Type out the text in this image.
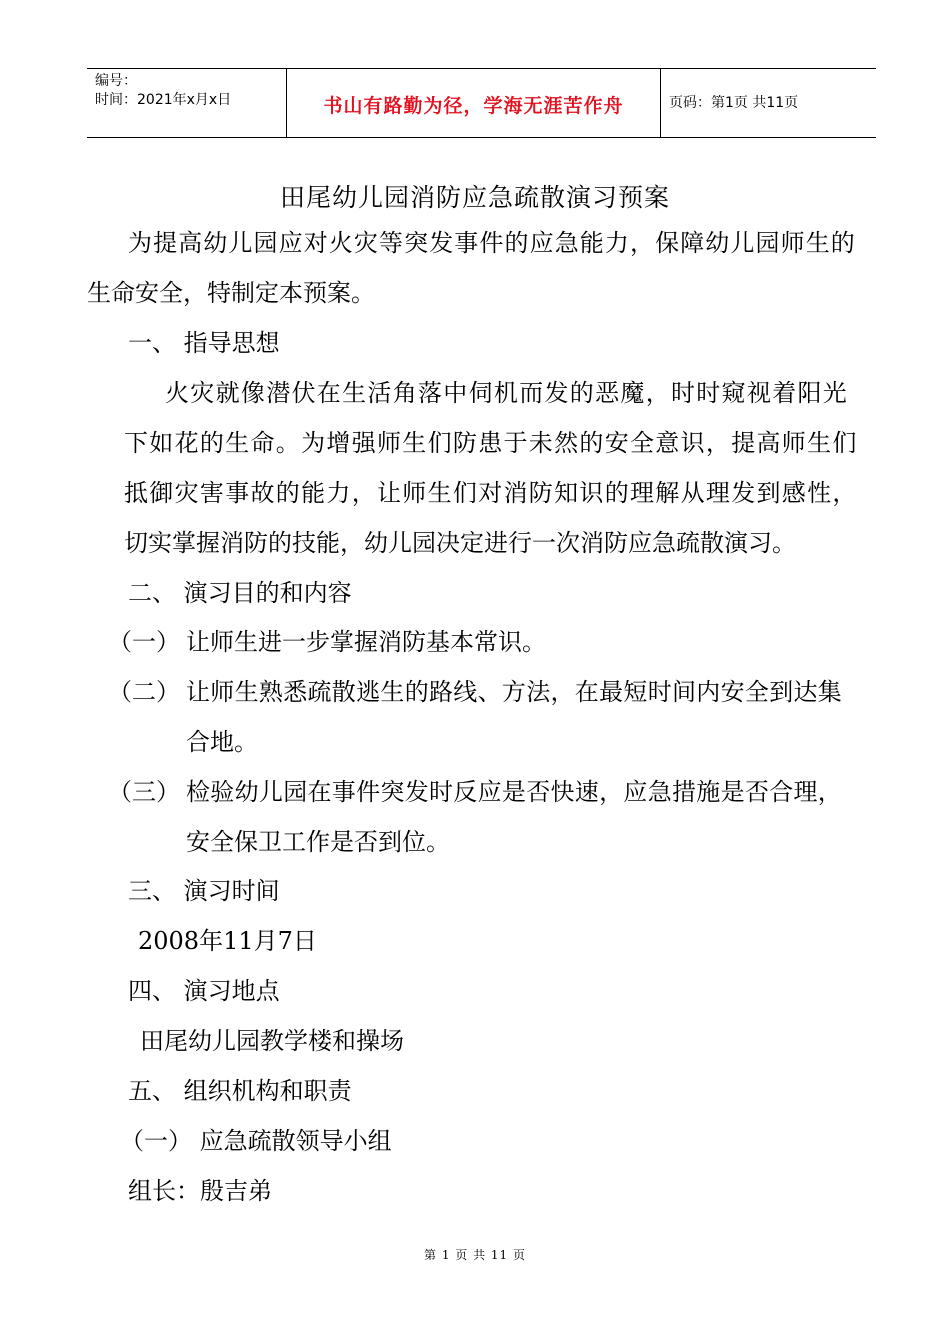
编号：
时间：2021年x月x日	书山有路勤为径，学海无涯苦作舟	页码：第1页 共11页
田尾幼儿园消防应急疏散演习预案
为提高幼儿园应对火灾等突发事件的应急能力，保障幼儿园师生的
生命安全，特制定本预案。
一、 指导思想
火灾就像潜伏在生活角落中伺机而发的恶魔，时时窥视着阳光
下如花的生命。为增强师生们防患于未然的安全意识，提高师生们
抵御灾害事故的能力，让师生们对消防知识的理解从理发到感性，
切实掌握消防的技能，幼儿园决定进行一次消防应急疏散演习。
二、 演习目的和内容
（一） 让师生进一步掌握消防基本常识。
（二） 让师生熟悉疏散逃生的路线、方法，在最短时间内安全到达集
合地。
（三） 检验幼儿园在事件突发时反应是否快速，应急措施是否合理，
安全保卫工作是否到位。
三、 演习时间
2008年11月7日
四、 演习地点
田尾幼儿园教学楼和操场
五、 组织机构和职责
（一） 应急疏散领导小组
组长：殷吉弟
第 1 页 共 11 页
